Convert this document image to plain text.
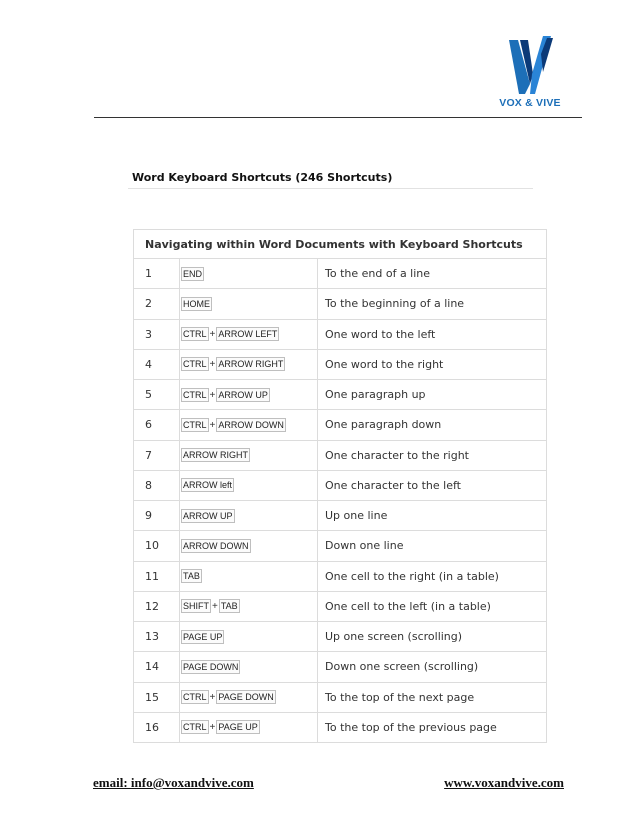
VOX & VIVE
Word Keyboard Shortcuts (246 Shortcuts)
Navigating within Word Documents with Keyboard Shortcuts		
1	END	To the end of a line
2	HOME	To the beginning of a line
3	CTRL + ARROW LEFT	One word to the left
4	CTRL + ARROW RIGHT	One word to the right
5	CTRL + ARROW UP	One paragraph up
6	CTRL + ARROW DOWN	One paragraph down
7	ARROW RIGHT	One character to the right
8	ARROW left	One character to the left
9	ARROW UP	Up one line
10	ARROW DOWN	Down one line
11	TAB	One cell to the right (in a table)
12	SHIFT + TAB	One cell to the left (in a table)
13	PAGE UP	Up one screen (scrolling)
14	PAGE DOWN	Down one screen (scrolling)
15	CTRL + PAGE DOWN	To the top of the next page
16	CTRL + PAGE UP	To the top of the previous page
email: info@voxandvive.com	www.voxandvive.com
